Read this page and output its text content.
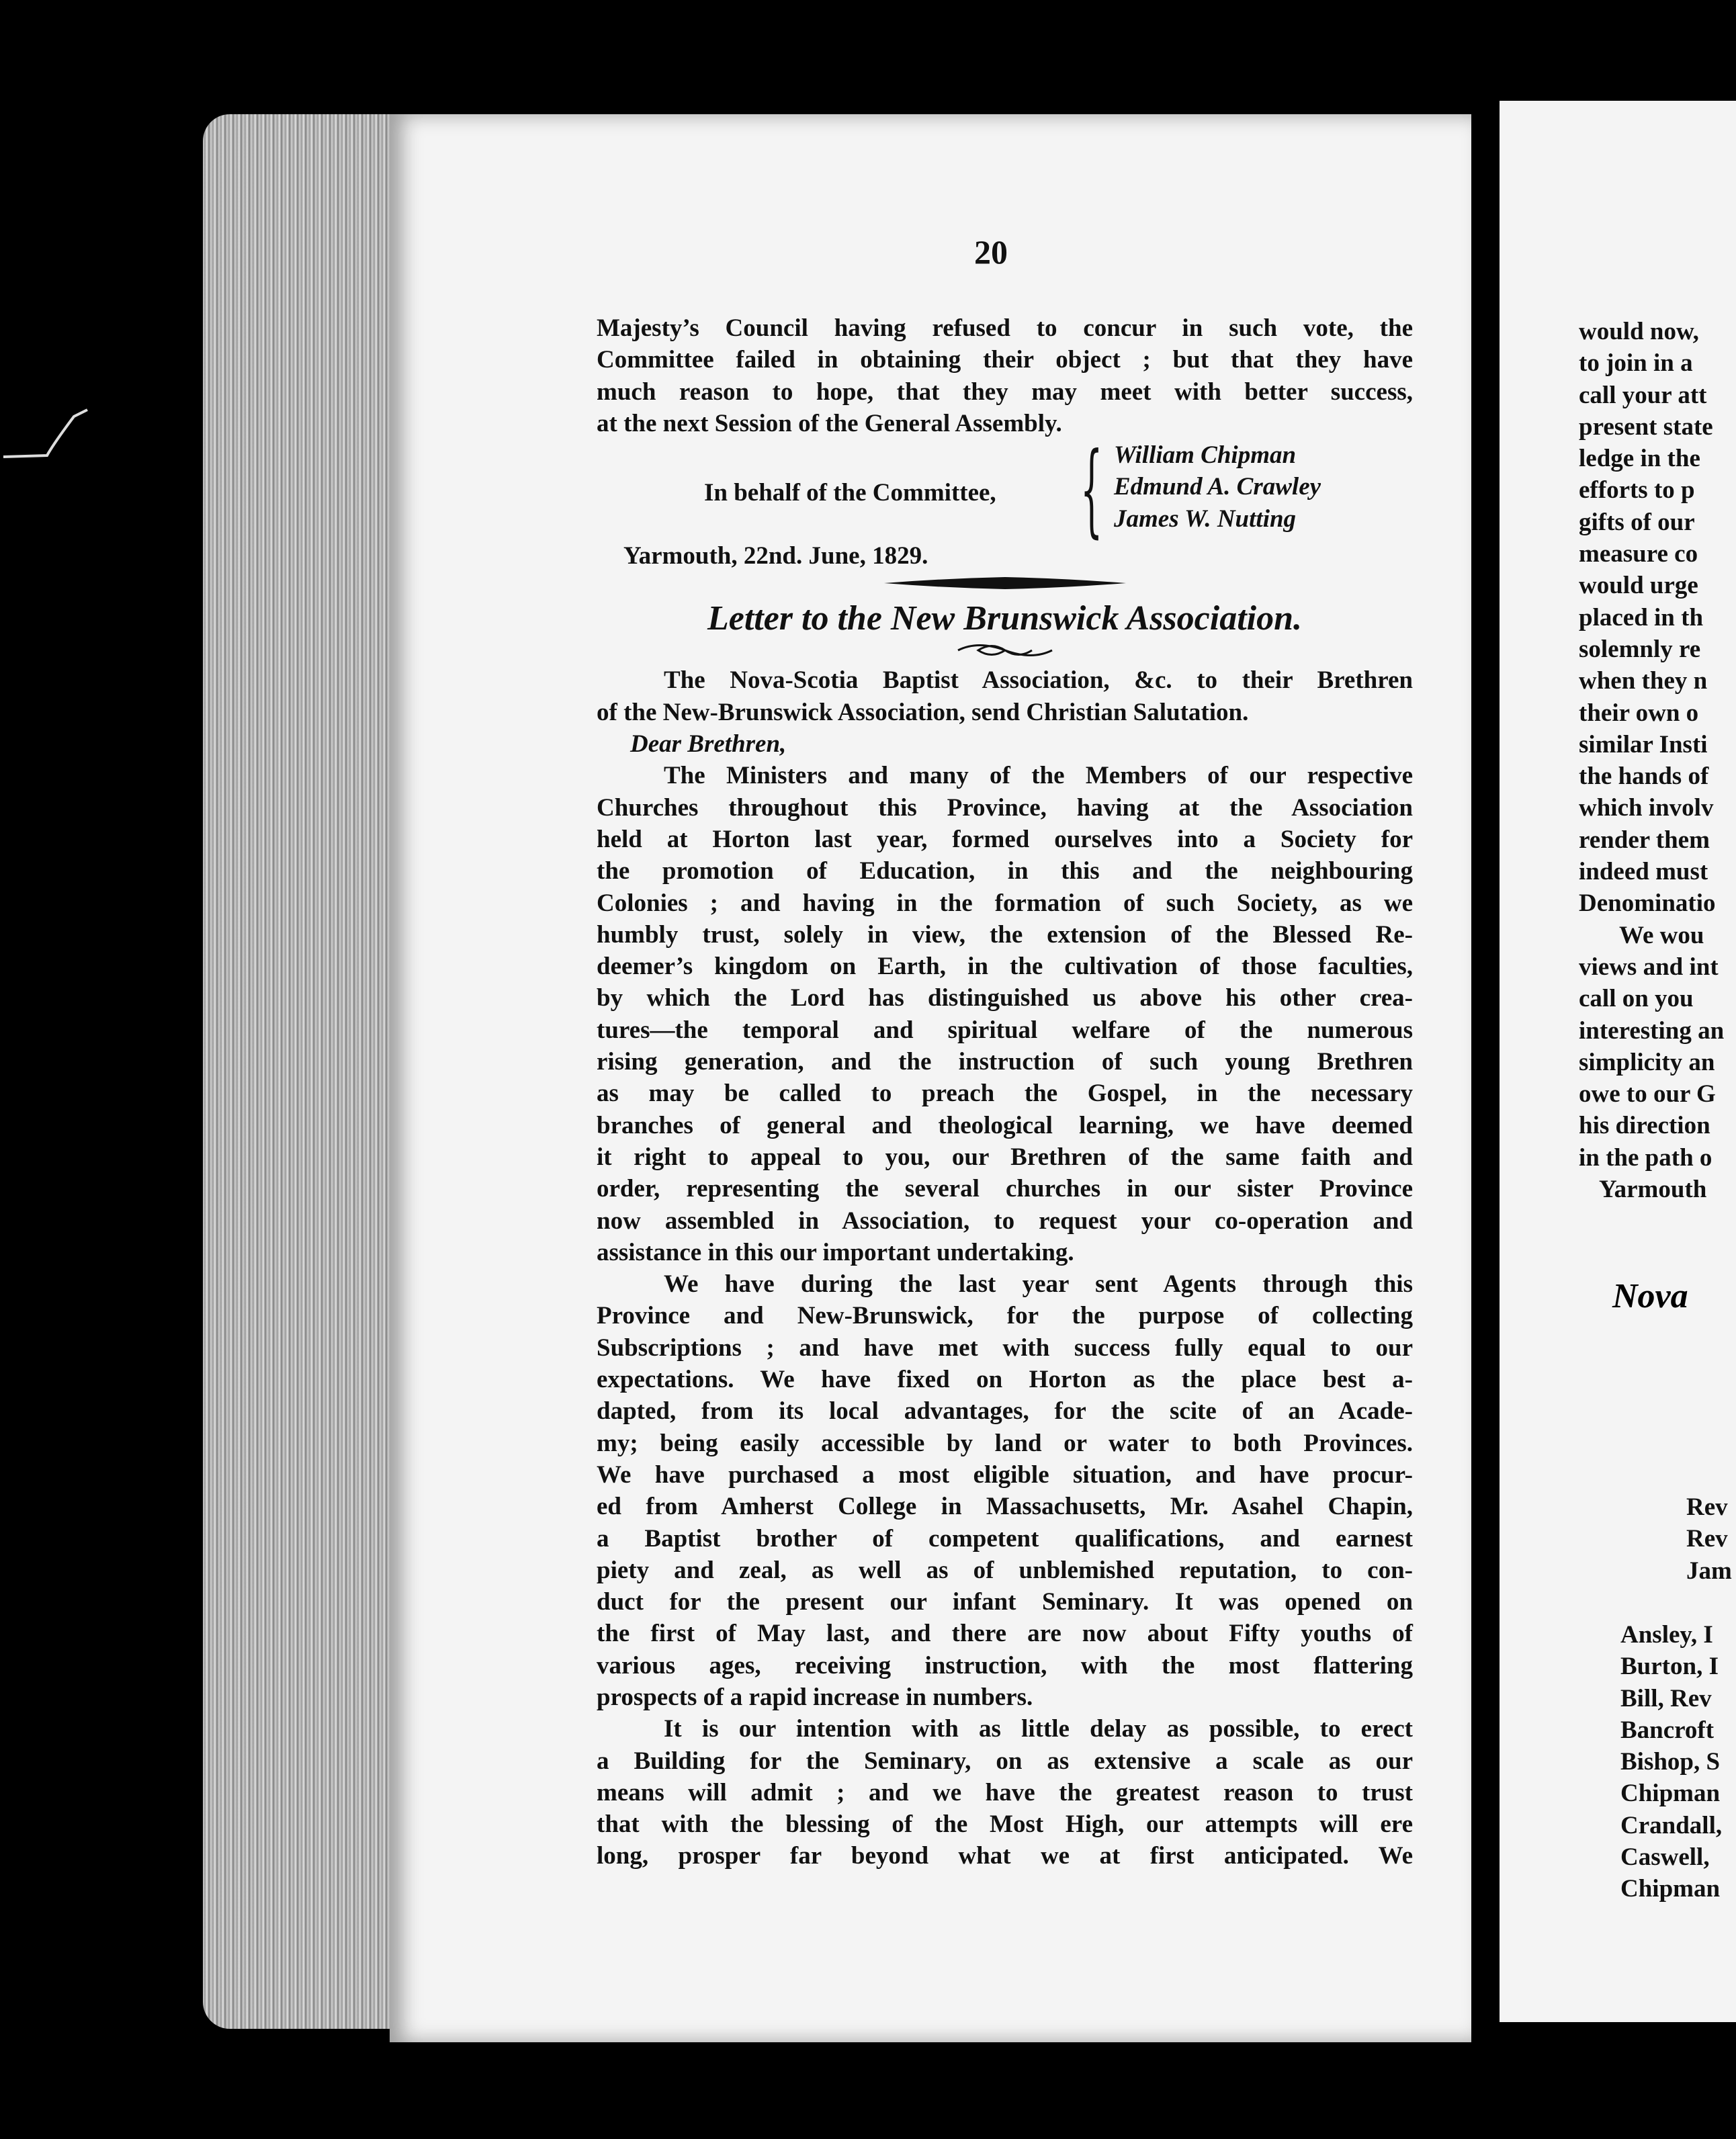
20
Majesty’s Council having refused to concur in such vote, the
Committee failed in obtaining their object ; but that they have
much reason to hope, that they may meet with better success,
at the next Session of the General Assembly.
In behalf of the Committee, { William Chipman
Edmund A. Crawley
James W. Nutting
Yarmouth, 22nd. June, 1829.
Letter to the New Brunswick Association.
The Nova-Scotia Baptist Association, &c. to their Brethren
of the New-Brunswick Association, send Christian Salutation.
Dear Brethren,
The Ministers and many of the Members of our respective
Churches throughout this Province, having at the Association
held at Horton last year, formed ourselves into a Society for
the promotion of Education, in this and the neighbouring
Colonies ; and having in the formation of such Society, as we
humbly trust, solely in view, the extension of the Blessed Re-
deemer’s kingdom on Earth, in the cultivation of those faculties,
by which the Lord has distinguished us above his other crea-
tures—the temporal and spiritual welfare of the numerous
rising generation, and the instruction of such young Brethren
as may be called to preach the Gospel, in the necessary
branches of general and theological learning, we have deemed
it right to appeal to you, our Brethren of the same faith and
order, representing the several churches in our sister Province
now assembled in Association, to request your co-operation and
assistance in this our important undertaking.
We have during the last year sent Agents through this
Province and New-Brunswick, for the purpose of collecting
Subscriptions ; and have met with success fully equal to our
expectations. We have fixed on Horton as the place best a-
dapted, from its local advantages, for the scite of an Acade-
my; being easily accessible by land or water to both Provinces.
We have purchased a most eligible situation, and have procur-
ed from Amherst College in Massachusetts, Mr. Asahel Chapin,
a Baptist brother of competent qualifications, and earnest
piety and zeal, as well as of unblemished reputation, to con-
duct for the present our infant Seminary. It was opened on
the first of May last, and there are now about Fifty youths of
various ages, receiving instruction, with the most flattering
prospects of a rapid increase in numbers.
It is our intention with as little delay as possible, to erect
a Building for the Seminary, on as extensive a scale as our
means will admit ; and we have the greatest reason to trust
that with the blessing of the Most High, our attempts will ere
long, prosper far beyond what we at first anticipated. We
would now,
to join in a
call your att
present state
ledge in the
efforts to p
gifts of our
measure co
would urge
placed in th
solemnly re
when they n
their own o
similar Insti
the hands of
which involv
render them
indeed must
Denominatio
We wou
views and int
call on you
interesting an
simplicity an
owe to our G
his direction
in the path o
Yarmouth
Nova
Rev
Rev
Jam
Ansley, I
Burton, I
Bill, Rev
Bancroft
Bishop, S
Chipman
Crandall,
Caswell,
Chipman
